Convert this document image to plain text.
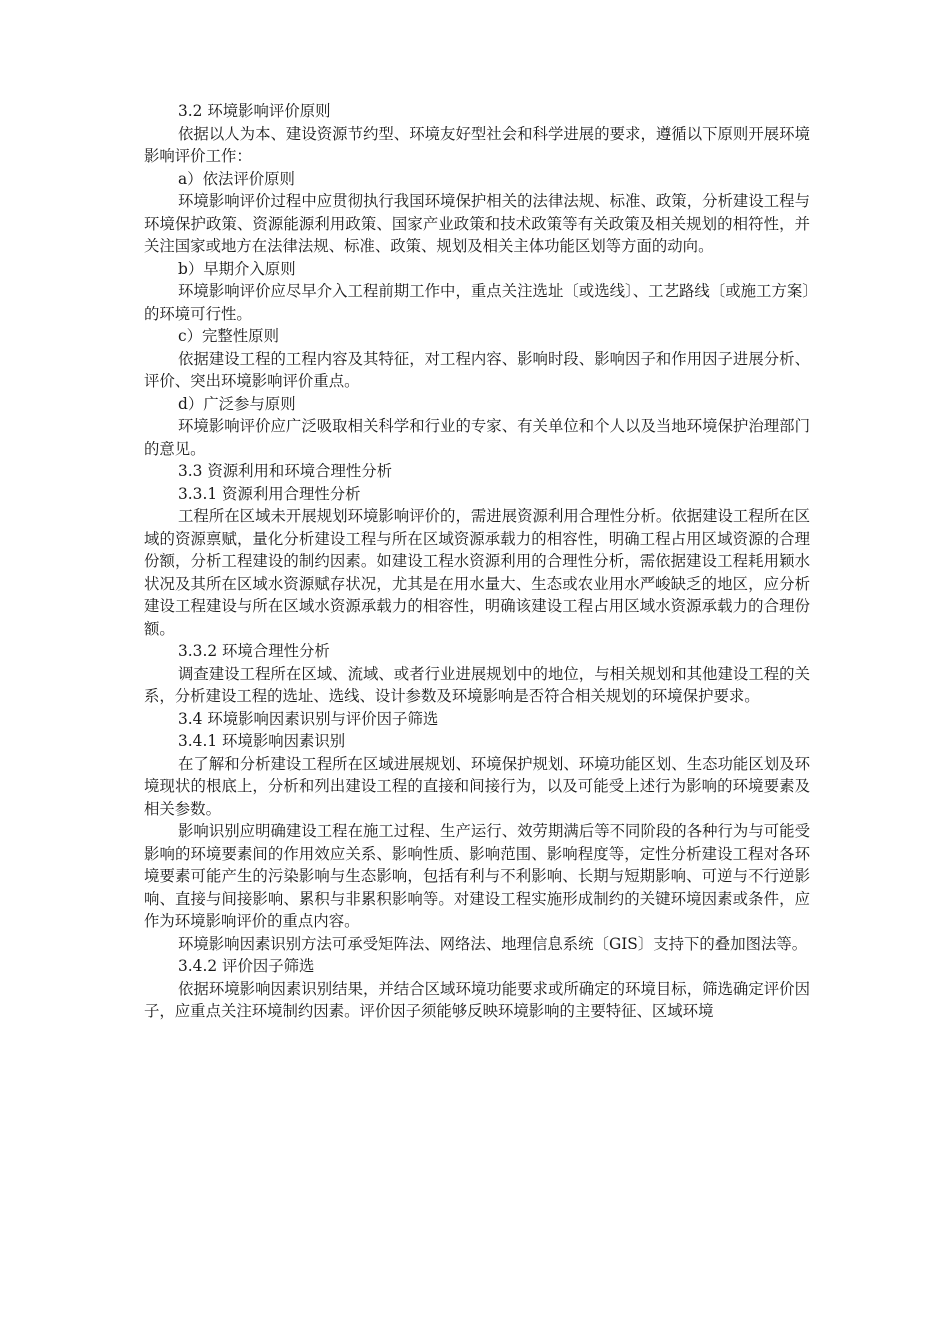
3.2 环境影响评价原则

依据以人为本、建设资源节约型、环境友好型社会和科学进展的要求，遵循以下原则开展环境影响评价工作：

a）依法评价原则

环境影响评价过程中应贯彻执行我国环境保护相关的法律法规、标准、政策，分析建设工程与环境保护政策、资源能源利用政策、国家产业政策和技术政策等有关政策及相关规划的相符性，并关注国家或地方在法律法规、标准、政策、规划及相关主体功能区划等方面的动向。

b）早期介入原则

环境影响评价应尽早介入工程前期工作中，重点关注选址〔或选线〕、工艺路线〔或施工方案〕的环境可行性。

c）完整性原则

依据建设工程的工程内容及其特征，对工程内容、影响时段、影响因子和作用因子进展分析、评价、突出环境影响评价重点。

d）广泛参与原则

环境影响评价应广泛吸取相关科学和行业的专家、有关单位和个人以及当地环境保护治理部门的意见。

3.3 资源利用和环境合理性分析

3.3.1 资源利用合理性分析

工程所在区域未开展规划环境影响评价的，需进展资源利用合理性分析。依据建设工程所在区域的资源禀赋，量化分析建设工程与所在区域资源承载力的相容性，明确工程占用区域资源的合理份额，分析工程建设的制约因素。如建设工程水资源利用的合理性分析，需依据建设工程耗用颖水状况及其所在区域水资源赋存状况，尤其是在用水量大、生态或农业用水严峻缺乏的地区，应分析建设工程建设与所在区域水资源承载力的相容性，明确该建设工程占用区域水资源承载力的合理份额。

3.3.2 环境合理性分析

调查建设工程所在区域、流域、或者行业进展规划中的地位，与相关规划和其他建设工程的关系，分析建设工程的选址、选线、设计参数及环境影响是否符合相关规划的环境保护要求。

3.4 环境影响因素识别与评价因子筛选

3.4.1 环境影响因素识别

在了解和分析建设工程所在区域进展规划、环境保护规划、环境功能区划、生态功能区划及环境现状的根底上，分析和列出建设工程的直接和间接行为，以及可能受上述行为影响的环境要素及相关参数。

影响识别应明确建设工程在施工过程、生产运行、效劳期满后等不同阶段的各种行为与可能受影响的环境要素间的作用效应关系、影响性质、影响范围、影响程度等，定性分析建设工程对各环境要素可能产生的污染影响与生态影响，包括有利与不利影响、长期与短期影响、可逆与不行逆影响、直接与间接影响、累积与非累积影响等。对建设工程实施形成制约的关键环境因素或条件，应作为环境影响评价的重点内容。

环境影响因素识别方法可承受矩阵法、网络法、地理信息系统〔GIS〕支持下的叠加图法等。

3.4.2 评价因子筛选

依据环境影响因素识别结果，并结合区域环境功能要求或所确定的环境目标，筛选确定评价因子，应重点关注环境制约因素。评价因子须能够反映环境影响的主要特征、区域环境
